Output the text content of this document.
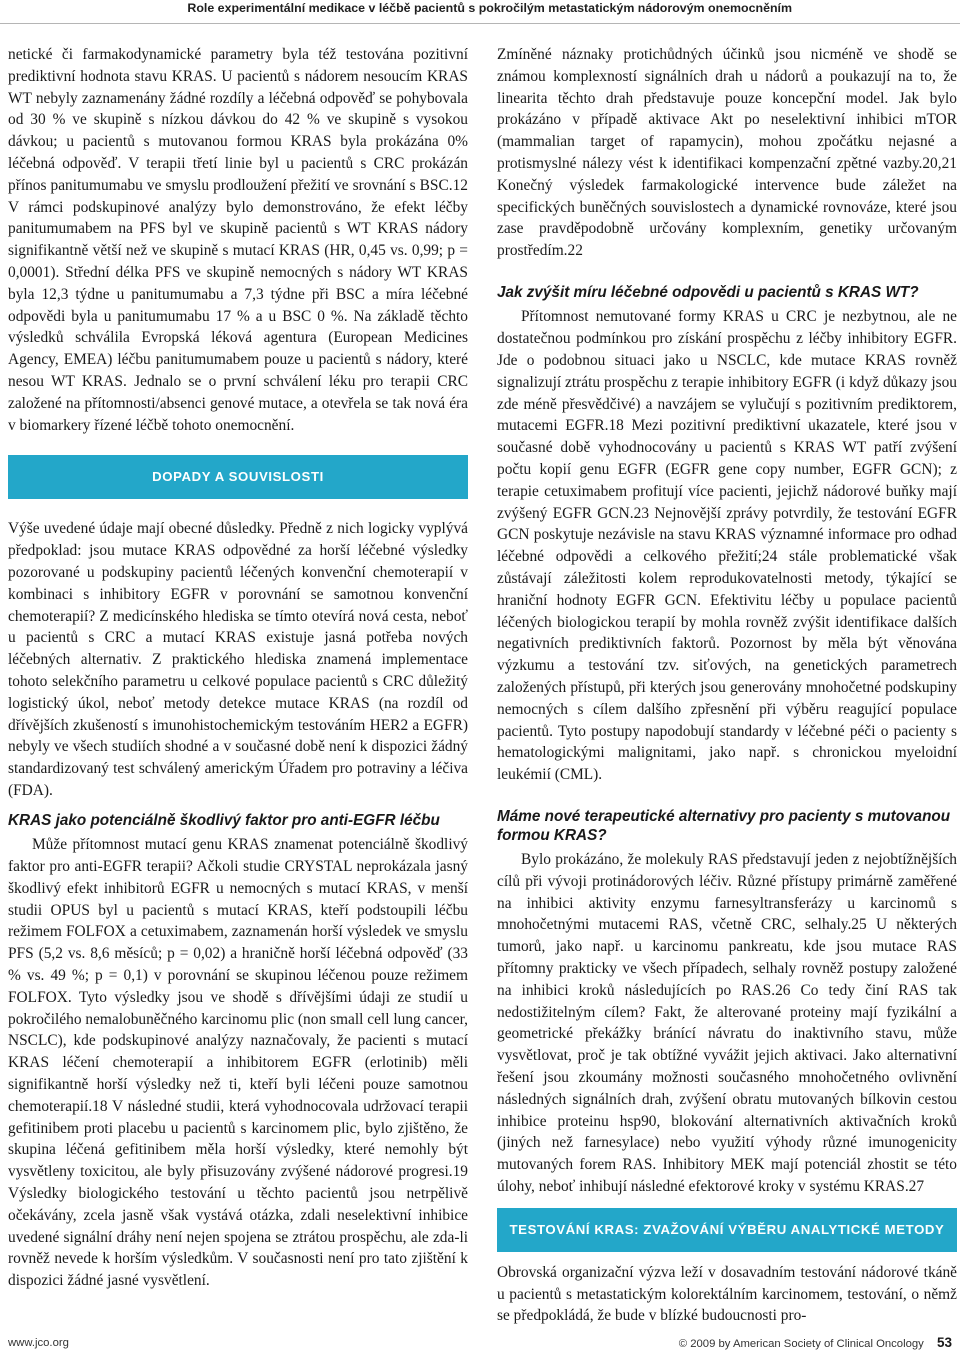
Role experimentální medikace v léčbě pacientů s pokročilým metastatickým nádorovým onemocněním

netické či farmakodynamické parametry byla též testována pozitivní prediktivní hodnota stavu KRAS. U pacientů s nádorem nesoucím KRAS WT nebyly zaznamenány žádné rozdíly a léčebná odpověď se pohybovala od 30 % ve skupině s nízkou dávkou do 42 % ve skupině s vysokou dávkou; u pacientů s mutovanou formou KRAS byla prokázána 0% léčebná odpověď. V terapii třetí linie byl u pacientů s CRC prokázán přínos panitumumabu ve smyslu prodloužení přežití ve srovnání s BSC.12 V rámci podskupinové analýzy bylo demonstrováno, že efekt léčby panitumumabem na PFS byl ve skupině pacientů s WT KRAS nádory signifikantně větší než ve skupině s mutací KRAS (HR, 0,45 vs. 0,99; p = 0,0001). Střední délka PFS ve skupině nemocných s nádory WT KRAS byla 12,3 týdne u panitumumabu a 7,3 týdne při BSC a míra léčebné odpovědi byla u panitumumabu 17 % a u BSC 0 %. Na základě těchto výsledků schválila Evropská léková agentura (European Medicines Agency, EMEA) léčbu panitumumabem pouze u pacientů s nádory, které nesou WT KRAS. Jednalo se o první schválení léku pro terapii CRC založené na přítomnosti/absenci genové mutace, a otevřela se tak nová éra v biomarkery řízené léčbě tohoto onemocnění.

DOPADY A SOUVISLOSTI

Výše uvedené údaje mají obecné důsledky. Předně z nich logicky vyplývá předpoklad: jsou mutace KRAS odpovědné za horší léčebné výsledky pozorované u podskupiny pacientů léčených konvenční chemoterapií v kombinaci s inhibitory EGFR v porovnání se samotnou konvenční chemoterapií? Z medicínského hlediska se tímto otevírá nová cesta, neboť u pacientů s CRC a mutací KRAS existuje jasná potřeba nových léčebných alternativ. Z praktického hlediska znamená implementace tohoto selekčního parametru u celkové populace pacientů s CRC důležitý logistický úkol, neboť metody detekce mutace KRAS (na rozdíl od dřívějších zkušeností s imunohistochemickým testováním HER2 a EGFR) nebyly ve všech studiích shodné a v současné době není k dispozici žádný standardizovaný test schválený americkým Úřadem pro potraviny a léčiva (FDA).

KRAS jako potenciálně škodlivý faktor pro anti-EGFR léčbu

Může přítomnost mutací genu KRAS znamenat potenciálně škodlivý faktor pro anti-EGFR terapii? Ačkoli studie CRYSTAL neprokázala jasný škodlivý efekt inhibitorů EGFR u nemocných s mutací KRAS, v menší studii OPUS byl u pacientů s mutací KRAS, kteří podstoupili léčbu režimem FOLFOX a cetuximabem, zaznamenán horší výsledek ve smyslu PFS (5,2 vs. 8,6 měsíců; p = 0,02) a hraničně horší léčebná odpověď (33 % vs. 49 %; p = 0,1) v porovnání se skupinou léčenou pouze režimem FOLFOX. Tyto výsledky jsou ve shodě s dřívějšími údaji ze studií u pokročilého nemalobuněčného karcinomu plic (non small cell lung cancer, NSCLC), kde podskupinové analýzy naznačovaly, že pacienti s mutací KRAS léčení chemoterapií a inhibitorem EGFR (erlotinib) měli signifikantně horší výsledky než ti, kteří byli léčeni pouze samotnou chemoterapií.18 V následné studii, která vyhodnocovala udržovací terapii gefitinibem proti placebu u pacientů s karcinomem plic, bylo zjištěno, že skupina léčená gefitinibem měla horší výsledky, které nemohly být vysvětleny toxicitou, ale byly přisuzovány zvýšené nádorové progresi.19 Výsledky biologického testování u těchto pacientů jsou netrpělivě očekávány, zcela jasně však vystává otázka, zdali neselektivní inhibice uvedené signální dráhy není nejen spojena se ztrátou prospěchu, ale zda-li rovněž nevede k horším výsledkům. V současnosti není pro tato zjištění k dispozici žádné jasné vysvětlení.

Zmíněné náznaky protichůdných účinků jsou nicméně ve shodě se známou komplexností signálních drah u nádorů a poukazují na to, že linearita těchto drah představuje pouze koncepční model. Jak bylo prokázáno v případě aktivace Akt po neselektivní inhibici mTOR (mammalian target of rapamycin), mohou zpočátku nejasné a protismyslné nálezy vést k identifikaci kompenzační zpětné vazby.20,21 Konečný výsledek farmakologické intervence bude záležet na specifických buněčných souvislostech a dynamické rovnováze, které jsou zase pravděpodobně určovány komplexním, genetiky určovaným prostředím.22

Jak zvýšit míru léčebné odpovědi u pacientů s KRAS WT?

Přítomnost nemutované formy KRAS u CRC je nezbytnou, ale ne dostatečnou podmínkou pro získání prospěchu z léčby inhibitory EGFR. Jde o podobnou situaci jako u NSCLC, kde mutace KRAS rovněž signalizují ztrátu prospěchu z terapie inhibitory EGFR (i když důkazy jsou zde méně přesvědčivé) a navzájem se vylučují s pozitivním prediktorem, mutacemi EGFR.18 Mezi pozitivní prediktivní ukazatele, které jsou v současné době vyhodnocovány u pacientů s KRAS WT patří zvýšení počtu kopií genu EGFR (EGFR gene copy number, EGFR GCN); z terapie cetuximabem profitují více pacienti, jejichž nádorové buňky mají zvýšený EGFR GCN.23 Nejnovější zprávy potvrdily, že testování EGFR GCN poskytuje nezávisle na stavu KRAS významné informace pro odhad léčebné odpovědi a celkového přežití;24 stále problematické však zůstávají záležitosti kolem reprodukovatelnosti metody, týkající se hraniční hodnoty EGFR GCN. Efektivitu léčby u populace pacientů léčených biologickou terapií by mohla rovněž zvýšit identifikace dalších negativních prediktivních faktorů. Pozornost by měla být věnována výzkumu a testování tzv. siťových, na genetických parametrech založených přístupů, při kterých jsou generovány mnohočetné podskupiny nemocných s cílem dalšího zpřesnění při výběru reagující populace pacientů. Tyto postupy napodobují standardy v léčebné péči o pacienty s hematologickými malignitami, jako např. s chronickou myeloidní leukémií (CML).

Máme nové terapeutické alternativy pro pacienty s mutovanou formou KRAS?

Bylo prokázáno, že molekuly RAS představují jeden z nejobtížnějších cílů při vývoji protinádorových léčiv. Různé přístupy primárně zaměřené na inhibici aktivity enzymu farnesyltransferázy u karcinomů s mnohočetnými mutacemi RAS, včetně CRC, selhaly.25 U některých tumorů, jako např. u karcinomu pankreatu, kde jsou mutace RAS přítomny prakticky ve všech případech, selhaly rovněž postupy založené na inhibici kroků následujících po RAS.26 Co tedy činí RAS tak nedostižitelným cílem? Fakt, že alterované proteiny mají fyzikální a geometrické překážky bránící návratu do inaktivního stavu, může vysvětlovat, proč je tak obtížné vyvážit jejich aktivaci. Jako alternativní řešení jsou zkoumány možnosti současného mnohočetného ovlivnění následných signálních drah, zvýšení obratu mutovaných bílkovin cestou inhibice proteinu hsp90, blokování alternativních aktivačních kroků (jiných než farnesylace) nebo využití výhody různé imunogenicity mutovaných forem RAS. Inhibitory MEK mají potenciál zhostit se této úlohy, neboť inhibují následné efektorové kroky v systému KRAS.27

TESTOVÁNÍ KRAS: ZVAŽOVÁNÍ VÝBĚRU ANALYTICKÉ METODY

Obrovská organizační výzva leží v dosavadním testování nádorové tkáně u pacientů s metastatickým kolorektálním karcinomem, testování, o němž se předpokládá, že bude v blízké budoucnosti pro-

www.jco.org	© 2009 by American Society of Clinical Oncology 53
